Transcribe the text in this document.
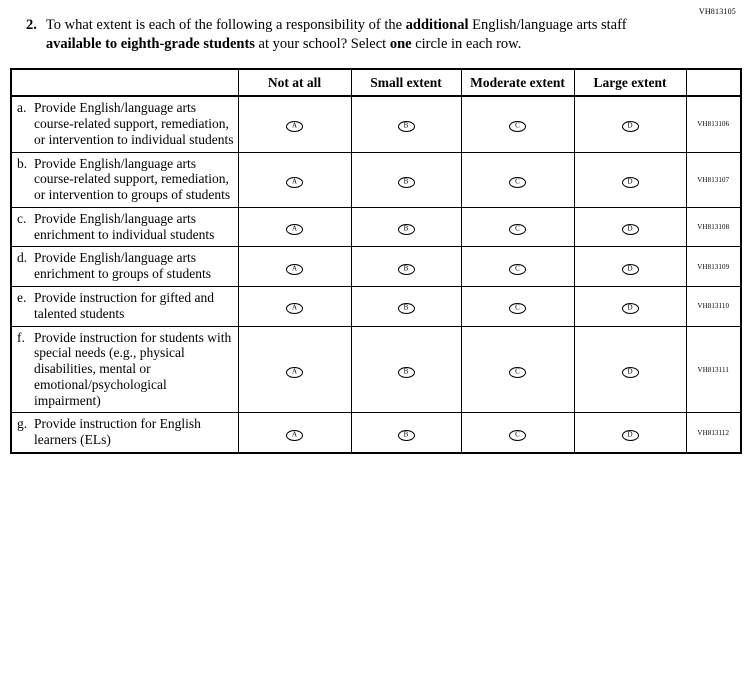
VH813105
2. To what extent is each of the following a responsibility of the additional English/language arts staff available to eighth-grade students at your school? Select one circle in each row.
	Not at all	Small extent	Moderate extent	Large extent	

a. Provide English/language arts course-related support, remediation, or intervention to individual students	A	B	C	D	VH813106

b. Provide English/language arts course-related support, remediation, or intervention to groups of students	A	B	C	D	VH813107

c. Provide English/language arts enrichment to individual students	A	B	C	D	VH813108

d. Provide English/language arts enrichment to groups of students	A	B	C	D	VH813109

e. Provide instruction for gifted and talented students	A	B	C	D	VH813110

f. Provide instruction for students with special needs (e.g., physical disabilities, mental or emotional/psychological impairment)	A	B	C	D	VH813111

g. Provide instruction for English learners (ELs)	A	B	C	D	VH813112
